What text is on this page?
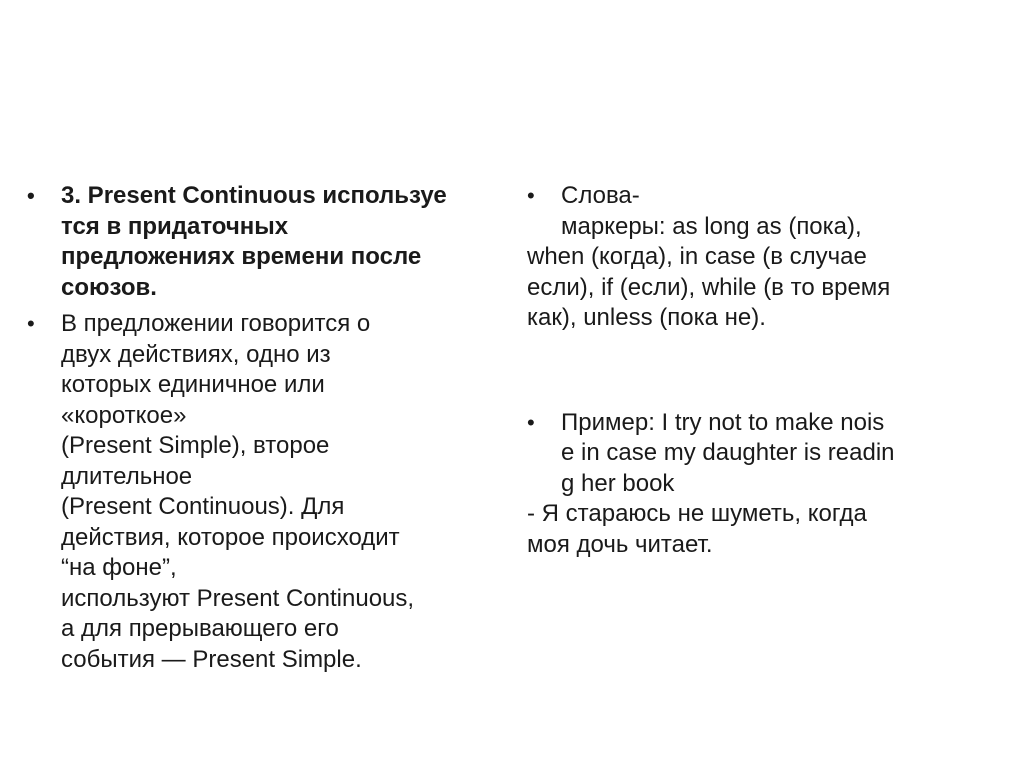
• 3. Present Continuous используе
тся в придаточных
предложениях времени после
союзов.
• В предложении говорится о
двух действиях, одно из
которых единичное или
«короткое»
(Present Simple), второе
длительное
(Present Continuous). Для
действия, которое происходит
“на фоне”,
используют Present Continuous,
а для прерывающего его
события — Present Simple.
• Слова-
маркеры: as long as (пока),
when (когда), in case (в случае
если), if (если), while (в то время
как), unless (пока не).
• Пример: I try not to make nois
e in case my daughter is readin
g her book
- Я стараюсь не шуметь, когда
моя дочь читает.
